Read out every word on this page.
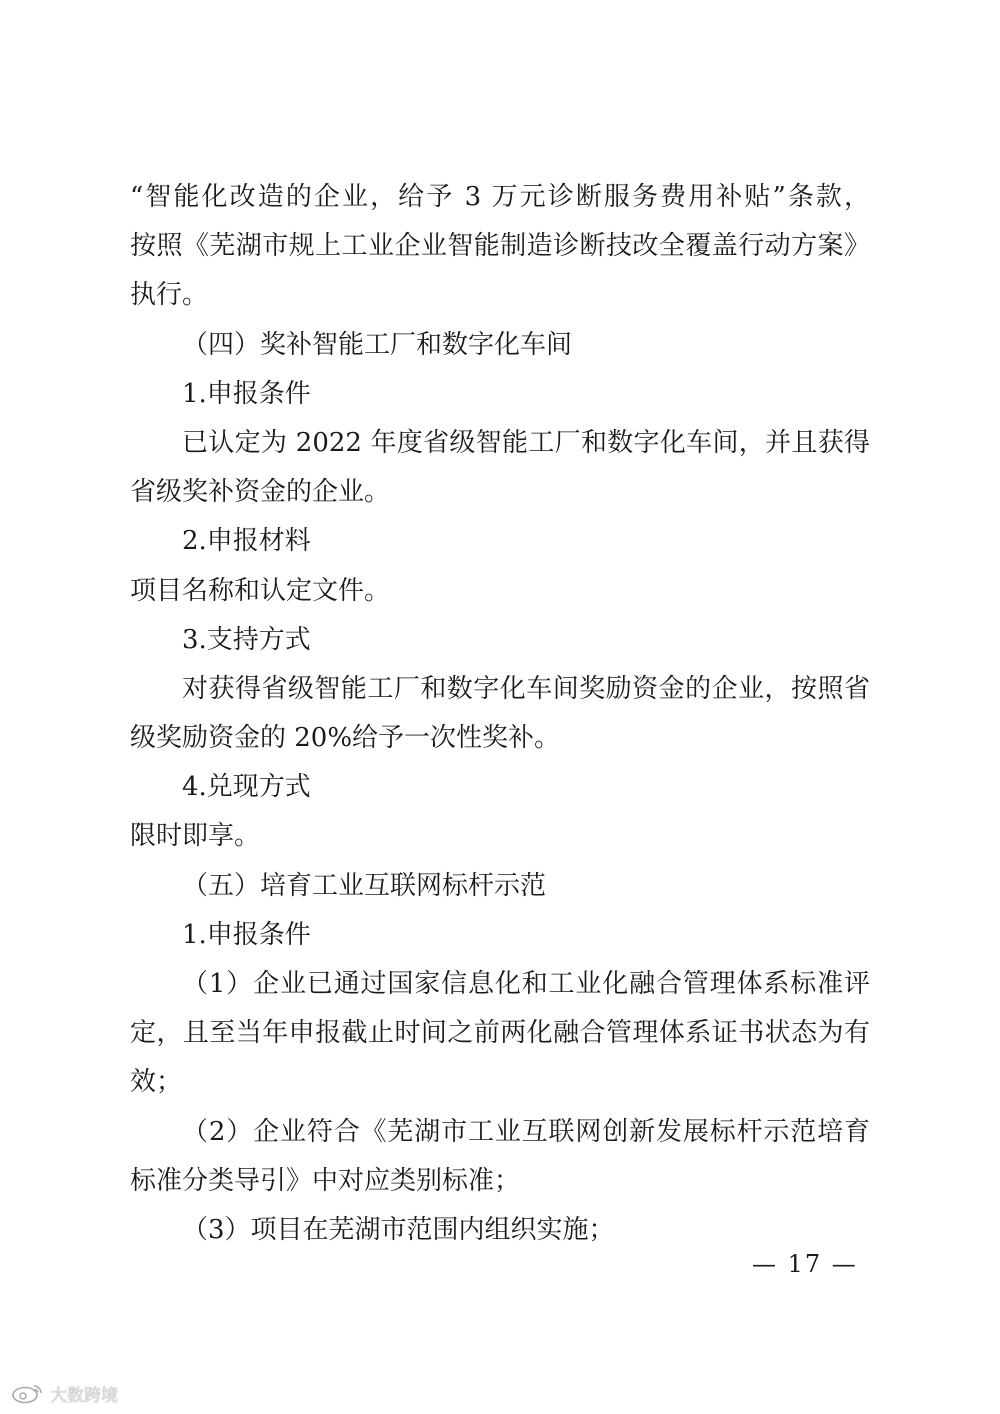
“智能化改造的企业，给予 3 万元诊断服务费用补贴”条款，
按照《芜湖市规上工业企业智能制造诊断技改全覆盖行动方案》
执行。
（四）奖补智能工厂和数字化车间
1.申报条件
已认定为 2022 年度省级智能工厂和数字化车间，并且获得
省级奖补资金的企业。
2.申报材料
项目名称和认定文件。
3.支持方式
对获得省级智能工厂和数字化车间奖励资金的企业，按照省
级奖励资金的 20%给予一次性奖补。
4.兑现方式
限时即享。
（五）培育工业互联网标杆示范
1.申报条件
（1）企业已通过国家信息化和工业化融合管理体系标准评
定，且至当年申报截止时间之前两化融合管理体系证书状态为有
效；
（2）企业符合《芜湖市工业互联网创新发展标杆示范培育
标准分类导引》中对应类别标准；
（3）项目在芜湖市范围内组织实施；
— 17 —
大数跨境
